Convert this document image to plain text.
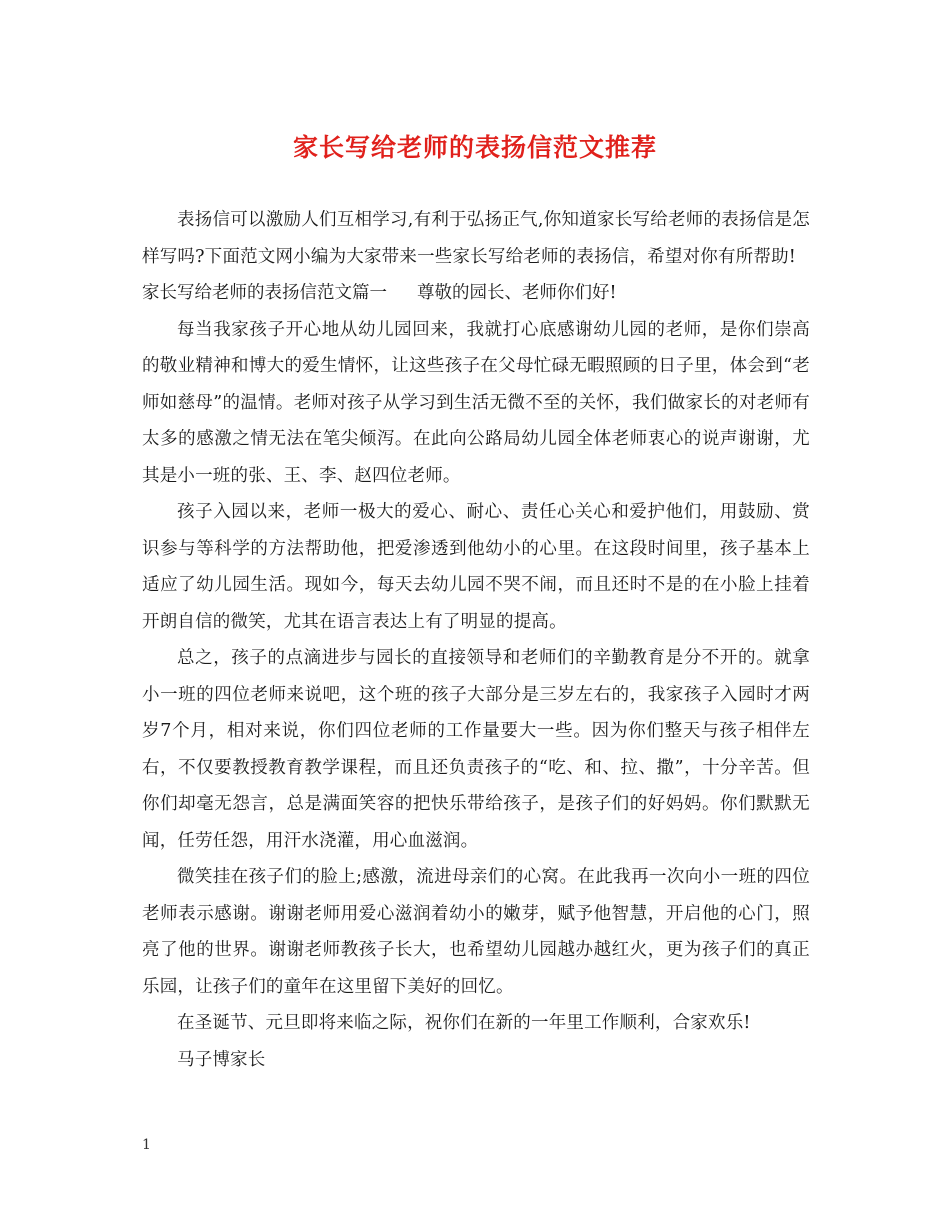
家长写给老师的表扬信范文推荐

表扬信可以激励人们互相学习,有利于弘扬正气,你知道家长写给老师的表扬信是怎样写吗?下面范文网小编为大家带来一些家长写给老师的表扬信，希望对你有所帮助!

家长写给老师的表扬信范文篇一 尊敬的园长、老师你们好!

每当我家孩子开心地从幼儿园回来，我就打心底感谢幼儿园的老师，是你们崇高的敬业精神和博大的爱生情怀，让这些孩子在父母忙碌无暇照顾的日子里，体会到“老师如慈母”的温情。老师对孩子从学习到生活无微不至的关怀，我们做家长的对老师有太多的感激之情无法在笔尖倾泻。在此向公路局幼儿园全体老师衷心的说声谢谢，尤其是小一班的张、王、李、赵四位老师。

孩子入园以来，老师一极大的爱心、耐心、责任心关心和爱护他们，用鼓励、赏识参与等科学的方法帮助他，把爱渗透到他幼小的心里。在这段时间里，孩子基本上适应了幼儿园生活。现如今，每天去幼儿园不哭不闹，而且还时不是的在小脸上挂着开朗自信的微笑，尤其在语言表达上有了明显的提高。

总之，孩子的点滴进步与园长的直接领导和老师们的辛勤教育是分不开的。就拿小一班的四位老师来说吧，这个班的孩子大部分是三岁左右的，我家孩子入园时才两岁7个月，相对来说，你们四位老师的工作量要大一些。因为你们整天与孩子相伴左右，不仅要教授教育教学课程，而且还负责孩子的“吃、和、拉、撒”，十分辛苦。但你们却毫无怨言，总是满面笑容的把快乐带给孩子，是孩子们的好妈妈。你们默默无闻，任劳任怨，用汗水浇灌，用心血滋润。

微笑挂在孩子们的脸上;感激，流进母亲们的心窝。在此我再一次向小一班的四位老师表示感谢。谢谢老师用爱心滋润着幼小的嫩芽，赋予他智慧，开启他的心门，照亮了他的世界。谢谢老师教孩子长大，也希望幼儿园越办越红火，更为孩子们的真正乐园，让孩子们的童年在这里留下美好的回忆。

在圣诞节、元旦即将来临之际，祝你们在新的一年里工作顺利，合家欢乐!

马子博家长

1
